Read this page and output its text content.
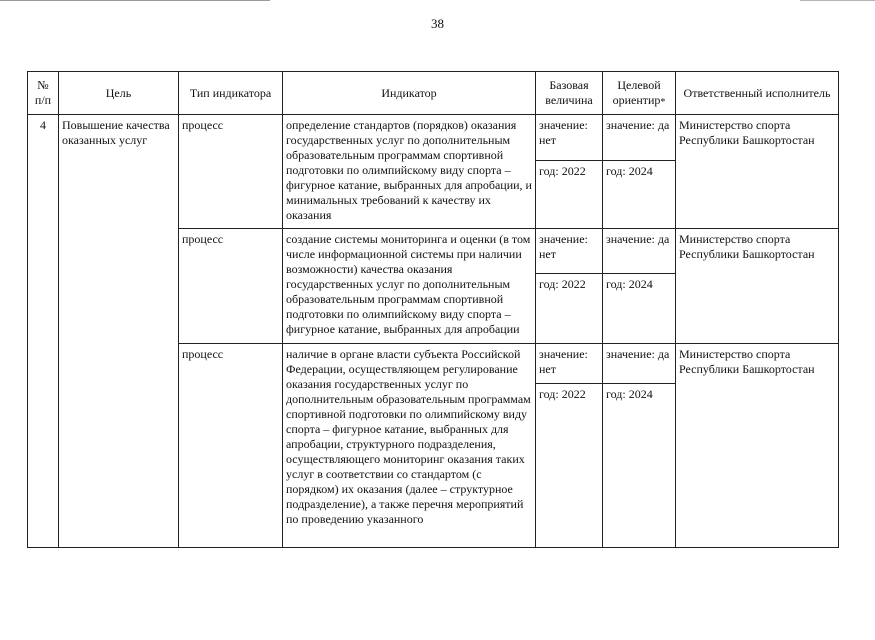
38
№ п/п	Цель	Тип индикатора	Индикатор	Базовая величина	Целевой ориентир*	Ответственный исполнитель
4	Повышение качества оказанных услуг	процесс	определение стандартов (порядков) оказания государственных услуг по дополнительным образовательным программам спортивной подготовки по олимпийскому виду спорта – фигурное катание, выбранных для апробации, и минимальных требований к качеству их оказания	значение: нет	значение: да	Министерство спорта Республики Башкортостан
				год: 2022	год: 2024	
		процесс	создание системы мониторинга и оценки (в том числе информационной системы при наличии возможности) качества оказания государственных услуг по дополнительным образовательным программам спортивной подготовки по олимпийскому виду спорта – фигурное катание, выбранных для апробации	значение: нет	значение: да	Министерство спорта Республики Башкортостан
				год: 2022	год: 2024	
		процесс	наличие в органе власти субъекта Российской Федерации, осуществляющем регулирование оказания государственных услуг по дополнительным образовательным программам спортивной подготовки по олимпийскому виду спорта – фигурное катание, выбранных для апробации, структурного подразделения, осуществляющего мониторинг оказания таких услуг в соответствии со стандартом (с порядком) их оказания (далее – структурное подразделение), а также перечня мероприятий по проведению указанного	значение: нет	значение: да	Министерство спорта Республики Башкортостан
				год: 2022	год: 2024	
